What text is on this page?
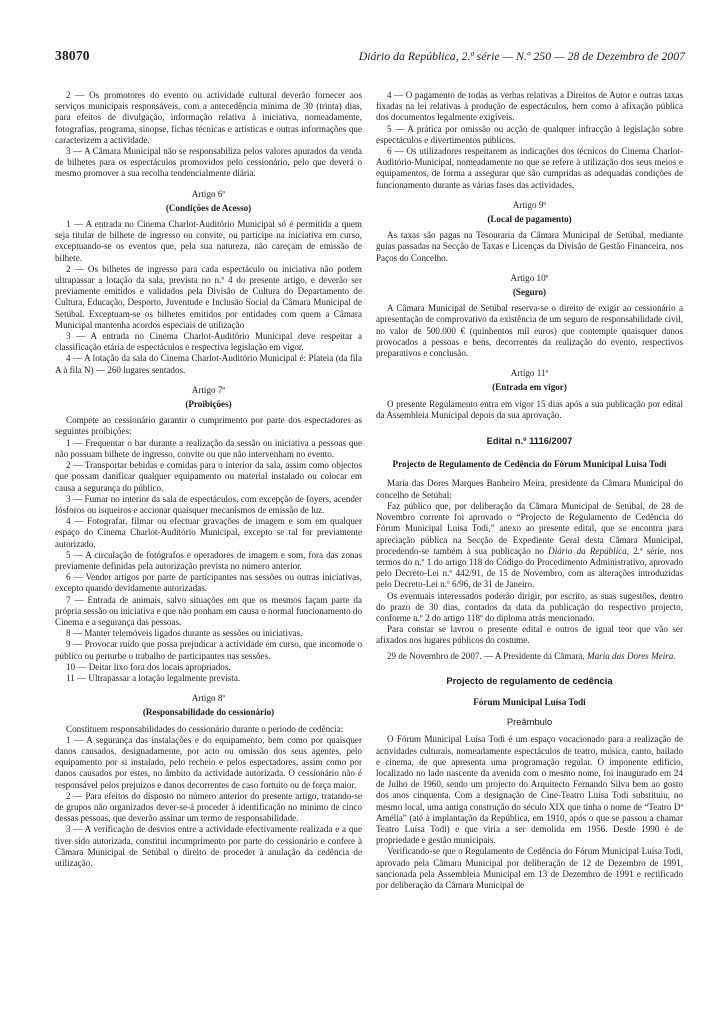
38070	Diário da República, 2.ª série — N.º 250 — 28 de Dezembro de 2007

2 — Os promotores do evento ou actividade cultural deverão fornecer aos serviços municipais responsáveis, com a antecedência mínima de 30 (trinta) dias, para efeitos de divulgação, informação relativa à iniciativa, nomeadamente, fotografias, programa, sinopse, fichas técnicas e artísticas e outras informações que caracterizem a actividade.

3 — A Câmara Municipal não se responsabiliza pelos valores apurados da venda de bilhetes para os espectáculos promovidos pelo cessionário, pelo que deverá o mesmo promover a sua recolha tendencialmente diária.

Artigo 6º

(Condições de Acesso)

1 — A entrada no Cinema Charlot-Auditório Municipal só é permitida a quem seja titular de bilhete de ingresso ou convite, ou participe na iniciativa em curso, exceptuando-se os eventos que, pela sua natureza, não careçam de emissão de bilhete.

2 — Os bilhetes de ingresso para cada espectáculo ou iniciativa não podem ultrapassar a lotação da sala, prevista no n.º 4 do presente artigo, e deverão ser previamente emitidos e validados pela Divisão de Cultura do Departamento de Cultura, Educação, Desporto, Juventude e Inclusão Social da Câmara Municipal de Setúbal. Exceptuam-se os bilhetes emitidos por entidades com quem a Câmara Municipal mantenha acordos especiais de utilização

3 — A entrada no Cinema Charlot-Auditório Municipal deve respeitar a classificação etária de espectáculos e respectiva legislação em vigor.

4 — A lotação da sala do Cinema Charlot-Auditório Municipal é: Plateia (da fila A à fila N) — 260 lugares sentados.

Artigo 7º

(Proibições)

Compete ao cessionário garantir o cumprimento por parte dos espectadores as seguintes proibições:

1 — Frequentar o bar durante a realização da sessão ou iniciativa a pessoas que não possuam bilhete de ingresso, convite ou que não intervenham no evento.

2 — Transportar bebidas e comidas para o interior da sala, assim como objectos que possam danificar qualquer equipamento ou material instalado ou colocar em causa a segurança do público.

3 — Fumar no interior da sala de espectáculos, com excepção de foyers, acender fósforos ou isqueiros e accionar quaisquer mecanismos de emissão de luz.

4 — Fotografar, filmar ou efectuar gravações de imagem e som em qualquer espaço do Cinema Charlot-Auditório Municipal, excepto se tal for previamente autorizado.

5 — A circulação de fotógrafos e operadores de imagem e som, fora das zonas previamente definidas pela autorização prevista no número anterior.

6 — Vender artigos por parte de participantes nas sessões ou outras iniciativas, excepto quando devidamente autorizadas.

7 — Entrada de animais, salvo situações em que os mesmos façam parte da própria sessão ou iniciativa e que não ponham em causa o normal funcionamento do Cinema e a segurança das pessoas.

8 — Manter telemóveis ligados durante as sessões ou iniciativas.

9 — Provocar ruído que possa prejudicar a actividade em curso, que incomode o público ou perturbe o trabalho de participantes nas sessões.

10 — Deitar lixo fora dos locais apropriados.

11 — Ultrapassar a lotação legalmente prevista.

Artigo 8º

(Responsabilidade do cessionário)

Constituem responsabilidades do cessionário durante o período de cedência:

1 — A segurança das instalações e do equipamento, bem como por quaisquer danos causados, designadamente, por acto ou omissão dos seus agentes, pelo equipamento por si instalado, pelo recheio e pelos espectadores, assim como por danos causados por estes, no âmbito da actividade autorizada. O cessionário não é responsável pelos prejuízos e danos decorrentes de caso fortuito ou de força maior.

2 — Para efeitos do disposto no número anterior do presente artigo, tratando-se de grupos não organizados dever-se-á proceder à identificação no mínimo de cinco dessas pessoas, que deverão assinar um termo de responsabilidade.

3 — A verificação de desvios entre a actividade efectivamente realizada e a que tiver sido autorizada, constitui incumprimento por parte do cessionário e confere à Câmara Municipal de Setúbal o direito de proceder à anulação da cedência de utilização.

4 — O pagamento de todas as verbas relativas a Direitos de Autor e outras taxas fixadas na lei relativas à produção de espectáculos, bem como à afixação pública dos documentos legalmente exigíveis.

5 — A prática por omissão ou acção de qualquer infracção à legislação sobre espectáculos e divertimentos públicos.

6 — Os utilizadores respeitarem as indicações dos técnicos do Cinema Charlot-Auditório-Municipal, nomeadamente no que se refere à utilização dos seus meios e equipamentos, de forma a assegurar que são cumpridas as adequadas condições de funcionamento durante as várias fases das actividades.

Artigo 9º

(Local de pagamento)

As taxas são pagas na Tesouraria da Câmara Municipal de Setúbal, mediante guias passadas na Secção de Taxas e Licenças da Divisão de Gestão Financeira, nos Paços do Concelho.

Artigo 10º

(Seguro)

A Câmara Municipal de Setúbal reserva-se o direito de exigir ao cessionário a apresentação de comprovativo da existência de um seguro de responsabilidade civil, no valor de 500.000 € (quinhentos mil euros) que contemple quaisquer danos provocados a pessoas e bens, decorrentes da realização do evento, respectivos preparativos e conclusão.

Artigo 11º

(Entrada em vigor)

O presente Regulamento entra em vigor 15 dias após a sua publicação por edital da Assembleia Municipal depois da sua aprovação.

Edital n.º 1116/2007

Projecto de Regulamento de Cedência do Fórum Municipal Luisa Todi

Maria das Dores Marques Banheiro Meira, presidente da Câmara Municipal do concelho de Setúbal:

Faz público que, por deliberação da Câmara Municipal de Setúbal, de 28 de Novembro corrente foi aprovado o “Projecto de Regulamento de Cedência do Fórum Municipal Luisa Todi,” anexo ao presente edital, que se encontra para apreciação pública na Secção de Expediente Geral desta Câmara Municipal, procedendo-se também à sua publicação no Diário da República, 2.ª série, nos termos do n.º 1 do artigo 118 do Código do Procedimento Administrativo, aprovado pelo Decreto-Lei n.º 442/91, de 15 de Novembro, com as alterações introduzidas pelo Decreto-Lei n.º 6/96, de 31 de Janeiro.

Os eventuais interessados poderão dirigir, por escrito, as suas sugestões, dentro do prazo de 30 dias, contados da data da publicação do respectivo projecto, conforme n.º 2 do artigo 118º do diploma atrás mencionado.

Para constar se lavrou o presente edital e outros de igual teor que vão ser afixados nos lugares públicos do costume.

29 de Novembro de 2007. — A Presidente da Câmara, Maria das Dores Meira.

Projecto de regulamento de cedência

Fórum Municipal Luísa Todi

Preâmbulo

O Fórum Municipal Luísa Todi é um espaço vocacionado para a realização de actividades culturais, nomeadamente espectáculos de teatro, música, canto, bailado e cinema, de que apresenta uma programação regular. O imponente edifício, localizado no lado nascente da avenida com o mesmo nome, foi inaugurado em 24 de Julho de 1960, sendo um projecto do Arquitecto Fernando Silva bem ao gosto dos anos cinquenta. Com a designação de Cine-Teatro Luísa Todi substituiu, no mesmo local, uma antiga construção do século XIX que tinha o nome de “Teatro Dª Amélia” (até à implantação da República, em 1910, após o que se passou a chamar Teatro Luísa Todi) e que viria a ser demolida em 1956. Desde 1990 é de propriedade e gestão municipais.

Verificando-se que o Regulamento de Cedência do Fórum Municipal Luísa Todi, aprovado pela Câmara Municipal por deliberação de 12 de Dezembro de 1991, sancionada pela Assembleia Municipal em 13 de Dezembro de 1991 e rectificado por deliberação da Câmara Municipal de
